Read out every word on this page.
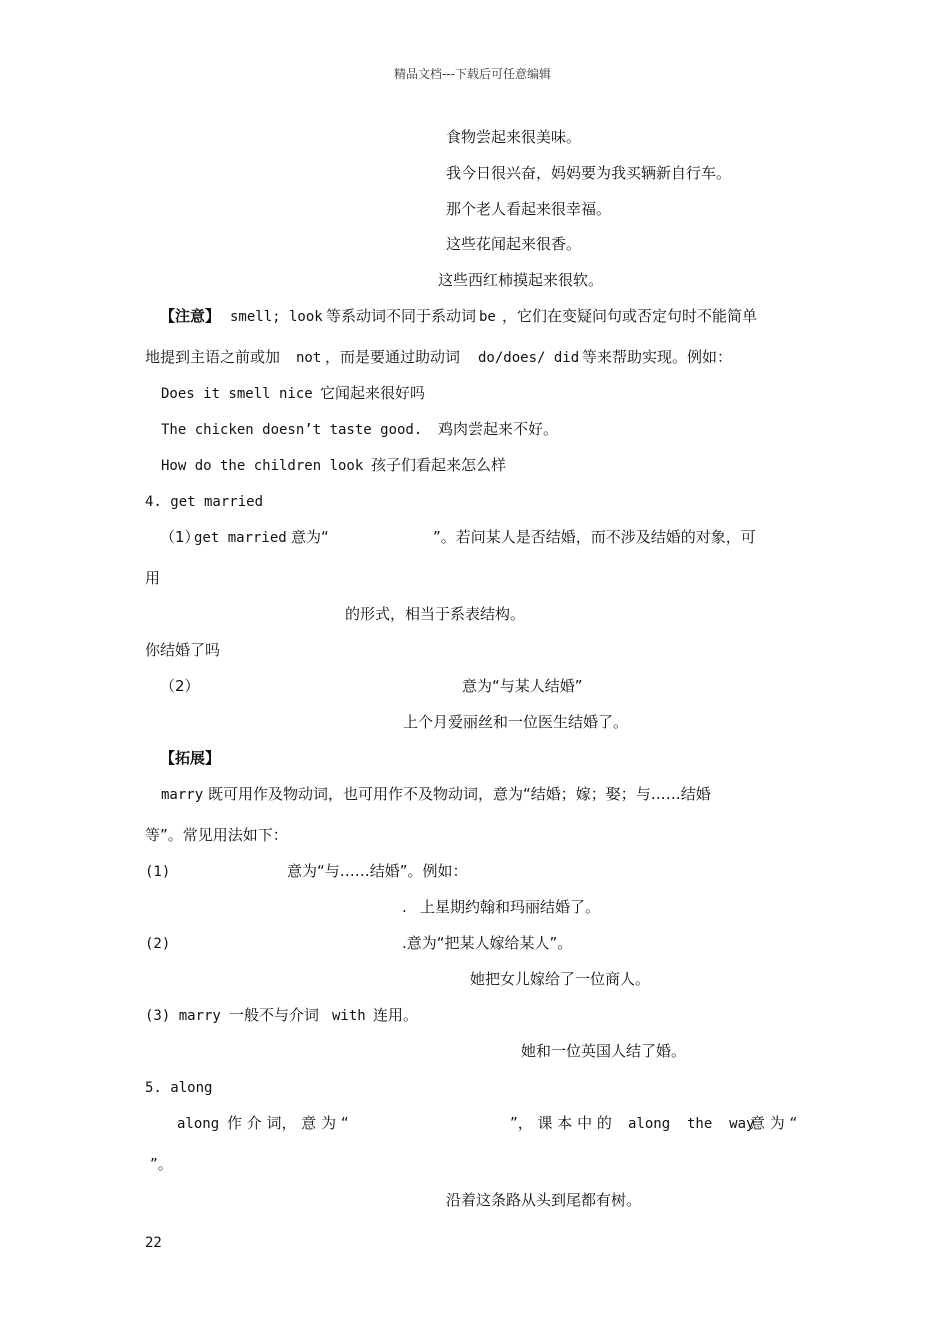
精品文档---下载后可任意编辑
食物尝起来很美味。
我今日很兴奋，妈妈要为我买辆新自行车。
那个老人看起来很幸福。
这些花闻起来很香。
这些西红柿摸起来很软。
【注意】 smell; look 等系动词不同于系动词 be ，它们在变疑问句或否定句时不能简单
地提到主语之前或加 not ，而是要通过助动词 do/does/ did 等来帮助实现。例如：
Does it smell nice 它闻起来很好吗
The chicken doesn’t taste good. 鸡肉尝起来不好。
How do the children look 孩子们看起来怎么样
4. get married
（1）
get married 意为“	”。若问某人是否结婚，而不涉及结婚的对象，可
用
的形式，相当于系表结构。
你结婚了吗
（2）	意为“与某人结婚”
上个月爱丽丝和一位医生结婚了。
【拓展】
marry 既可用作及物动词，也可用作不及物动词，意为“结婚；嫁；娶；与……结婚
等”。常见用法如下：
(1)	意为“与……结婚”。例如：
. 上星期约翰和玛丽结婚了。
(2)	.意为“把某人嫁给某人”。
她把女儿嫁给了一位商人。
(3) marry 一般不与介词 with 连用。
她和一位英国人结了婚。
5. along
along 作 介 词， 意 为 “	”， 课 本 中 的 along  the  way
意 为 “
”。
沿着这条路从头到尾都有树。
22
